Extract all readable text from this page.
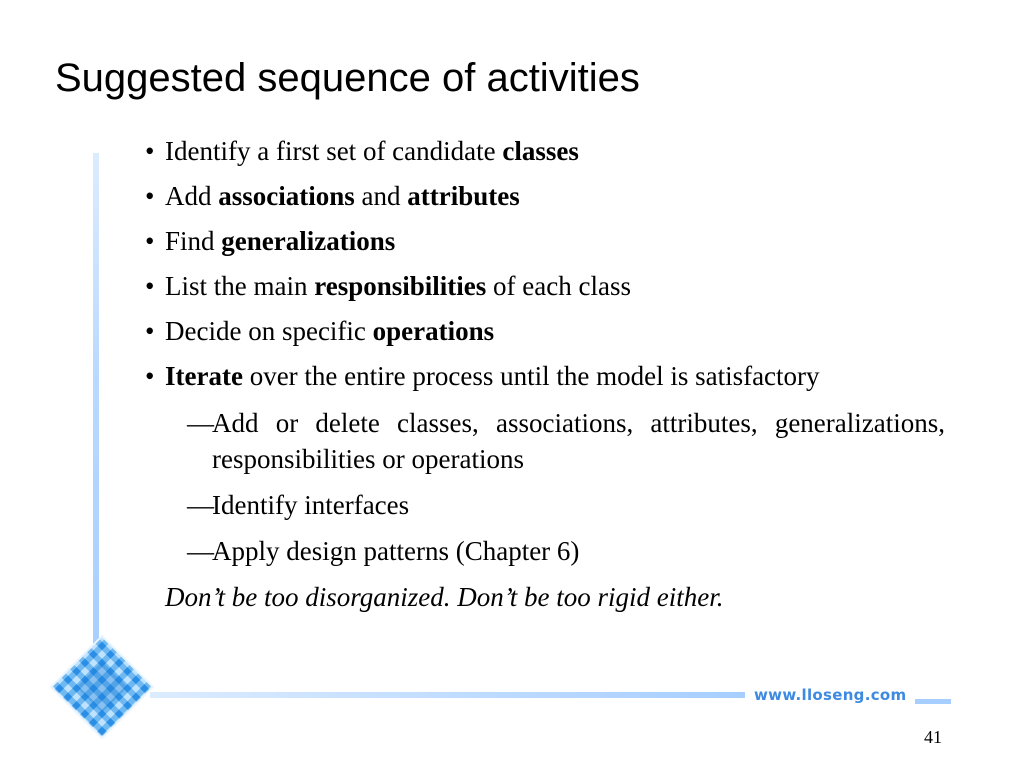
Suggested sequence of activities
www.lloseng.com
41
• Identify a first set of candidate classes
• Add associations and attributes
• Find generalizations
• List the main responsibilities of each class
• Decide on specific operations
• Iterate over the entire process until the model is satisfactory
—
Add or delete classes, associations, attributes, generalizations, responsibilities or operations
—
Identify interfaces
—
Apply design patterns (Chapter 6)
Don’t be too disorganized. Don’t be too rigid either.
